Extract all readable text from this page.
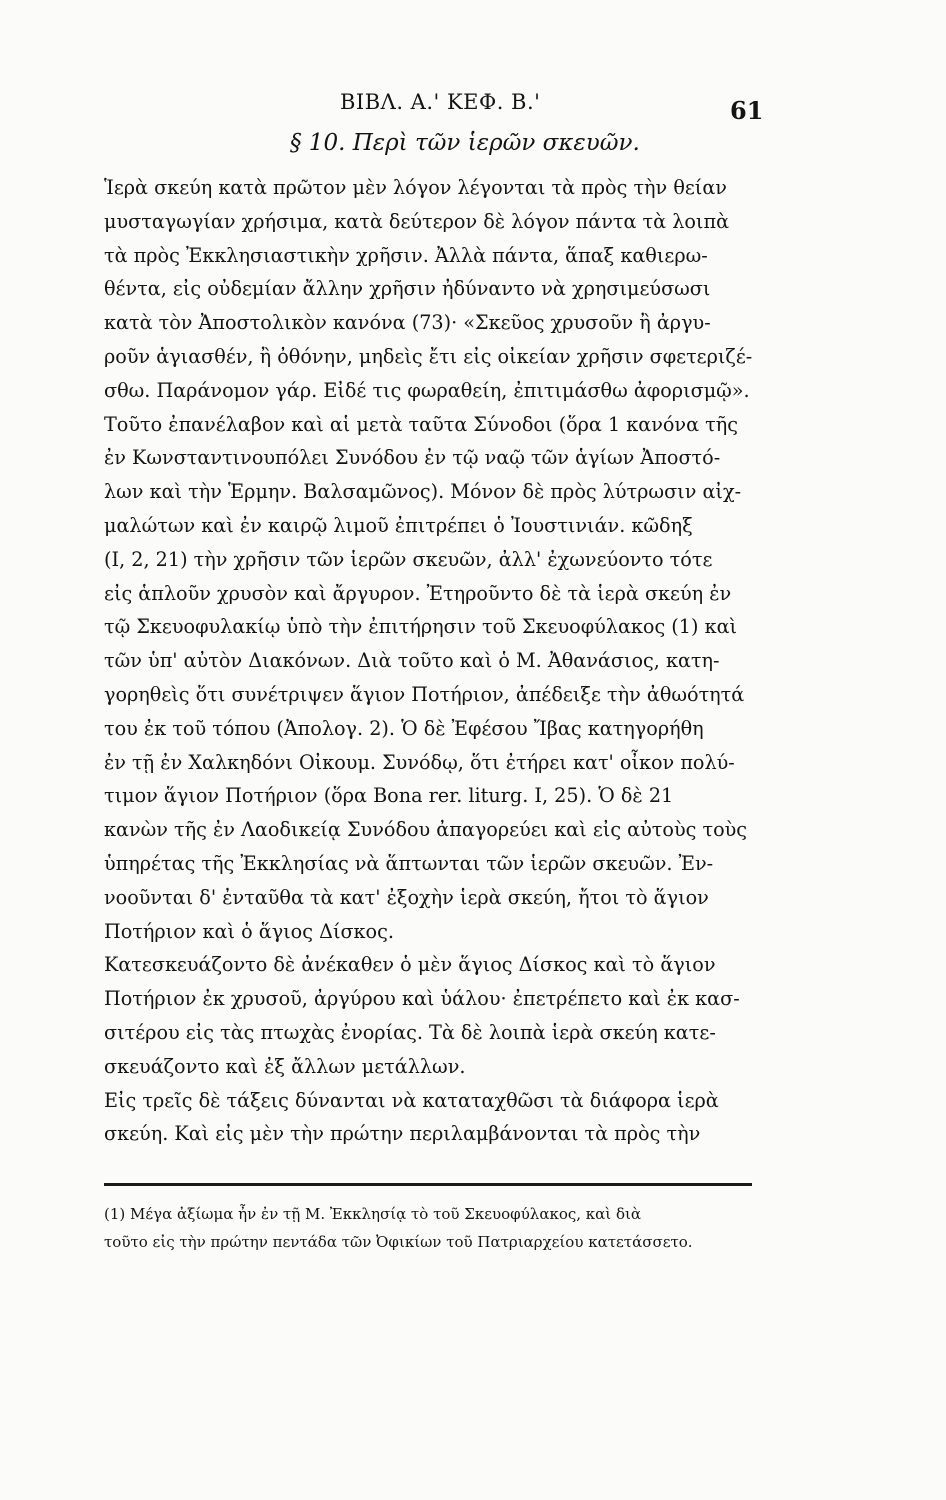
ΒΙΒΛ. Α.' ΚΕΦ. Β.'	61
§ 10. Περὶ τῶν ἱερῶν σκευῶν.
Ἱερὰ σκεύη κατὰ πρῶτον μὲν λόγον λέγονται τὰ πρὸς τὴν θείαν
μυσταγωγίαν χρήσιμα, κατὰ δεύτερον δὲ λόγον πάντα τὰ λοιπὰ
τὰ πρὸς Ἐκκλησιαστικὴν χρῆσιν. Ἀλλὰ πάντα, ἅπαξ καθιερω-
θέντα, εἰς οὐδεμίαν ἄλλην χρῆσιν ἠδύναντο νὰ χρησιμεύσωσι
κατὰ τὸν Ἀποστολικὸν κανόνα (73)· «Σκεῦος χρυσοῦν ἢ ἀργυ-
ροῦν ἁγιασθέν, ἢ ὀθόνην, μηδεὶς ἔτι εἰς οἰκείαν χρῆσιν σφετεριζέ-
σθω. Παράνομον γάρ. Εἰδέ τις φωραθείη, ἐπιτιμάσθω ἀφορισμῷ».
Τοῦτο ἐπανέλαβον καὶ αἱ μετὰ ταῦτα Σύνοδοι (ὅρα 1 κανόνα τῆς
ἐν Κωνσταντινουπόλει Συνόδου ἐν τῷ ναῷ τῶν ἁγίων Ἀποστό-
λων καὶ τὴν Ἑρμην. Βαλσαμῶνος). Μόνον δὲ πρὸς λύτρωσιν αἰχ-
μαλώτων καὶ ἐν καιρῷ λιμοῦ ἐπιτρέπει ὁ Ἰουστινιάν. κῶδηξ
(Ι, 2, 21) τὴν χρῆσιν τῶν ἱερῶν σκευῶν, ἀλλ' ἐχωνεύοντο τότε
εἰς ἁπλοῦν χρυσὸν καὶ ἄργυρον. Ἐτηροῦντο δὲ τὰ ἱερὰ σκεύη ἐν
τῷ Σκευοφυλακίῳ ὑπὸ τὴν ἐπιτήρησιν τοῦ Σκευοφύλακος (1) καὶ
τῶν ὑπ' αὐτὸν Διακόνων. Διὰ τοῦτο καὶ ὁ Μ. Ἀθανάσιος, κατη-
γορηθεὶς ὅτι συνέτριψεν ἅγιον Ποτήριον, ἀπέδειξε τὴν ἀθωότητά
του ἐκ τοῦ τόπου (Ἀπολογ. 2). Ὁ δὲ Ἐφέσου Ἴβας κατηγορήθη
ἐν τῇ ἐν Χαλκηδόνι Οἰκουμ. Συνόδῳ, ὅτι ἐτήρει κατ' οἶκον πολύ-
τιμον ἅγιον Ποτήριον (ὅρα Bona rer. liturg. Ι, 25). Ὁ δὲ 21
κανὼν τῆς ἐν Λαοδικείᾳ Συνόδου ἀπαγορεύει καὶ εἰς αὐτοὺς τοὺς
ὑπηρέτας τῆς Ἐκκλησίας νὰ ἅπτωνται τῶν ἱερῶν σκευῶν. Ἐν-
νοοῦνται δ' ἐνταῦθα τὰ κατ' ἐξοχὴν ἱερὰ σκεύη, ἤτοι τὸ ἅγιον
Ποτήριον καὶ ὁ ἅγιος Δίσκος.
Κατεσκευάζοντο δὲ ἀνέκαθεν ὁ μὲν ἅγιος Δίσκος καὶ τὸ ἅγιον
Ποτήριον ἐκ χρυσοῦ, ἀργύρου καὶ ὑάλου· ἐπετρέπετο καὶ ἐκ κασ-
σιτέρου εἰς τὰς πτωχὰς ἐνορίας. Τὰ δὲ λοιπὰ ἱερὰ σκεύη κατε-
σκευάζοντο καὶ ἐξ ἄλλων μετάλλων.
Εἰς τρεῖς δὲ τάξεις δύνανται νὰ καταταχθῶσι τὰ διάφορα ἱερὰ
σκεύη. Καὶ εἰς μὲν τὴν πρώτην περιλαμβάνονται τὰ πρὸς τὴν
(1) Μέγα ἀξίωμα ἦν ἐν τῇ Μ. Ἐκκλησίᾳ τὸ τοῦ Σκευοφύλακος, καὶ διὰ
τοῦτο εἰς τὴν πρώτην πεντάδα τῶν Ὀφικίων τοῦ Πατριαρχείου κατετάσσετο.
